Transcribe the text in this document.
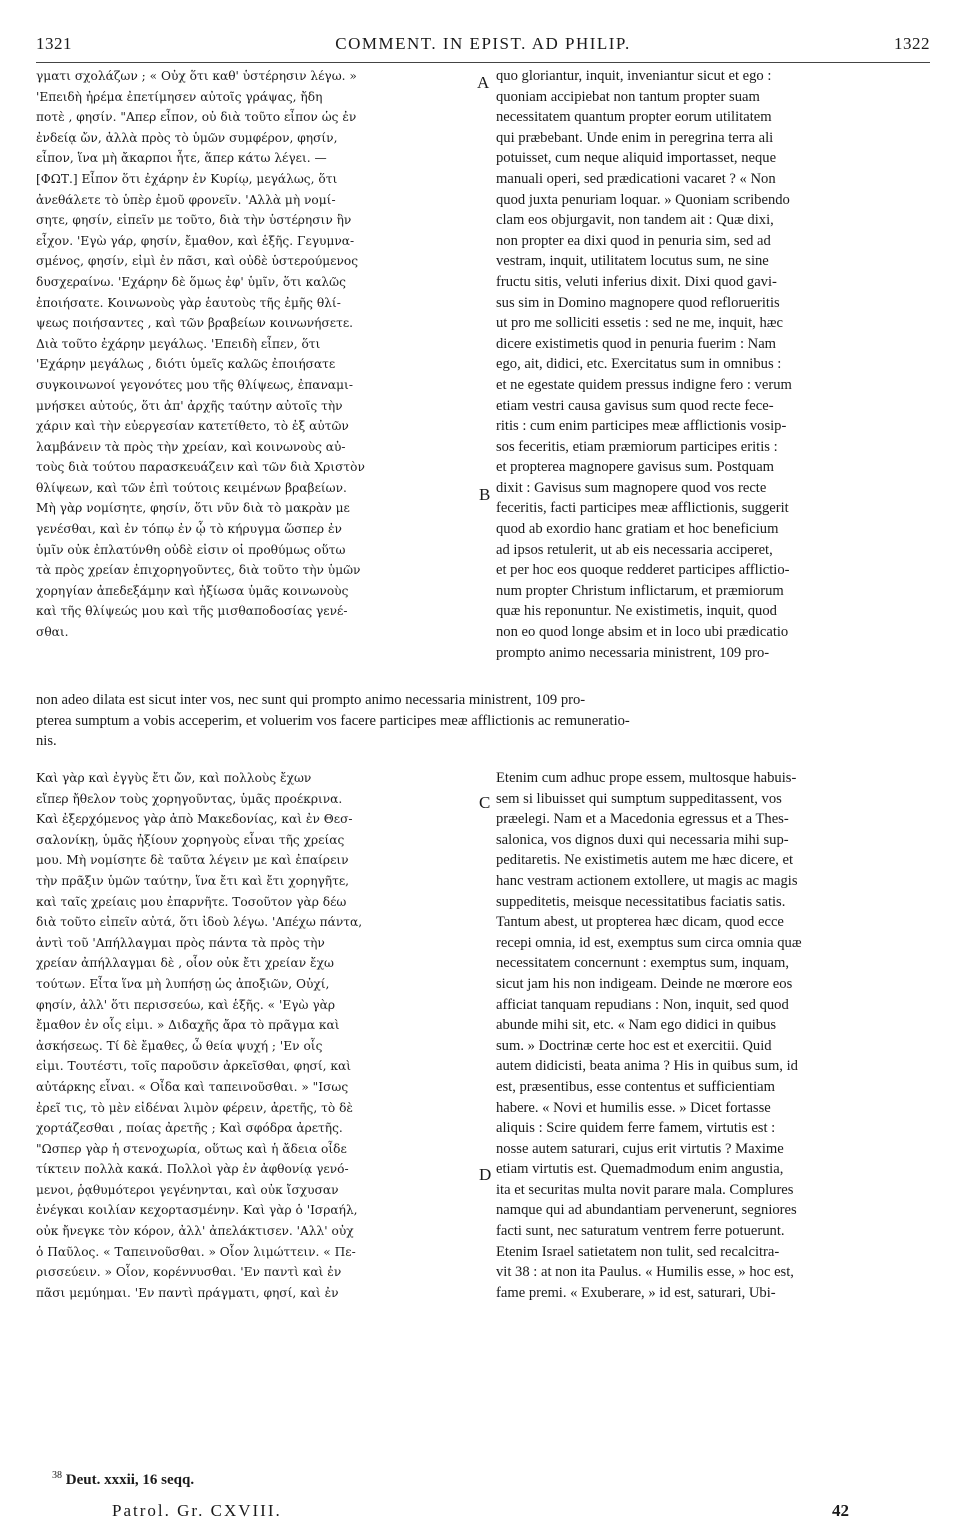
1321	COMMENT. IN EPIST. AD PHILIP.	1322
A
B
C
D
γματι σχολάζων ; « Οὐχ ὅτι καθ' ὑστέρησιν λέγω. »
'Επειδὴ ἠρέμα ἐπετίμησεν αὐτοῖς γράψας, ἤδη
ποτὲ , φησίν. "Απερ εἶπον, οὐ διὰ τοῦτο εἶπον ὡς ἐν
ἐνδείᾳ ὤν, ἀλλὰ πρὸς τὸ ὑμῶν συμφέρον, φησίν,
εἶπον, ἵνα μὴ ἄκαρποι ἦτε, ἅπερ κάτω λέγει. —
[ΦΩΤ.] Εἶπον ὅτι ἐχάρην ἐν Κυρίῳ, μεγάλως, ὅτι
ἀνεθάλετε τὸ ὑπὲρ ἐμοῦ φρονεῖν. 'Αλλὰ μὴ νομί-
σητε, φησίν, εἰπεῖν με τοῦτο, διὰ τὴν ὑστέρησιν ἣν
εἶχον. 'Εγὼ γάρ, φησίν, ἔμαθον, καὶ ἑξῆς. Γεγυμνα-
σμένος, φησίν, εἰμὶ ἐν πᾶσι, καὶ οὐδὲ ὑστερούμενος
δυσχεραίνω. 'Εχάρην δὲ ὅμως ἐφ' ὑμῖν, ὅτι καλῶς
ἐποιήσατε. Κοινωνοὺς γὰρ ἑαυτοὺς τῆς ἐμῆς θλί-
ψεως ποιήσαντες , καὶ τῶν βραβείων κοινωνήσετε.
Διὰ τοῦτο ἐχάρην μεγάλως. 'Επειδὴ εἶπεν, ὅτι
'Εχάρην μεγάλως , διότι ὑμεῖς καλῶς ἐποιήσατε
συγκοινωνοί γεγονότες μου τῆς θλίψεως, ἐπαναμι-
μνήσκει αὐτούς, ὅτι ἀπ' ἀρχῆς ταύτην αὐτοῖς τὴν
χάριν καὶ τὴν εὐεργεσίαν κατετίθετο, τὸ ἐξ αὐτῶν
λαμβάνειν τὰ πρὸς τὴν χρείαν, καὶ κοινωνοὺς αὐ-
τοὺς διὰ τούτου παρασκευάζειν καὶ τῶν διὰ Χριστὸν
θλίψεων, καὶ τῶν ἐπὶ τούτοις κειμένων βραβείων.
Μὴ γὰρ νομίσητε, φησίν, ὅτι νῦν διὰ τὸ μακρὰν με
γενέσθαι, καὶ ἐν τόπῳ ἐν ᾧ τὸ κήρυγμα ὥσπερ ἐν
ὑμῖν οὐκ ἐπλατύνθη οὐδὲ εἰσιν οἱ προθύμως οὕτω
τὰ πρὸς χρείαν ἐπιχορηγοῦντες, διὰ τοῦτο τὴν ὑμῶν
χορηγίαν ἀπεδεξάμην καὶ ἠξίωσα ὑμᾶς κοινωνοὺς
καὶ τῆς θλίψεώς μου καὶ τῆς μισθαποδοσίας γενέ-
σθαι.
quo gloriantur, inquit, inveniantur sicut et ego :
quoniam accipiebat non tantum propter suam
necessitatem quantum propter eorum utilitatem
qui præbebant. Unde enim in peregrina terra ali
potuisset, cum neque aliquid importasset, neque
manuali operi, sed prædicationi vacaret ? « Non
quod juxta penuriam loquar. » Quoniam scribendo
clam eos objurgavit, non tandem ait : Quæ dixi,
non propter ea dixi quod in penuria sim, sed ad
vestram, inquit, utilitatem locutus sum, ne sine
fructu sitis, veluti inferius dixit. Dixi quod gavi-
sus sim in Domino magnopere quod reflorueritis
ut pro me solliciti essetis : sed ne me, inquit, hæc
dicere existimetis quod in penuria fuerim : Nam
ego, ait, didici, etc. Exercitatus sum in omnibus :
et ne egestate quidem pressus indigne fero : verum
etiam vestri causa gavisus sum quod recte fece-
ritis : cum enim participes meæ afflictionis vosip-
sos feceritis, etiam præmiorum participes eritis :
et propterea magnopere gavisus sum. Postquam
dixit : Gavisus sum magnopere quod vos recte
feceritis, facti participes meæ afflictionis, suggerit
quod ab exordio hanc gratiam et hoc beneficium
ad ipsos retulerit, ut ab eis necessaria acciperet,
et per hoc eos quoque redderet participes afflictio-
num propter Christum inflictarum, et præmiorum
quæ his reponuntur. Ne existimetis, inquit, quod
non eo quod longe absim et in loco ubi prædicatio
prompto animo necessaria ministrent, 109 pro-
non adeo dilata est sicut inter vos, nec sunt qui prompto animo necessaria ministrent, 109 pro-
pterea sumptum a vobis acceperim, et voluerim vos facere participes meæ afflictionis ac remuneratio-
nis.
Καὶ γὰρ καὶ ἐγγὺς ἔτι ὤν, καὶ πολλοὺς ἔχων
εἴπερ ἤθελον τοὺς χορηγοῦντας, ὑμᾶς προέκρινα.
Καὶ ἐξερχόμενος γὰρ ἀπὸ Μακεδονίας, καὶ ἐν Θεσ-
σαλονίκῃ, ὑμᾶς ἠξίουν χορηγοὺς εἶναι τῆς χρείας
μου. Μὴ νομίσητε δὲ ταῦτα λέγειν με καὶ ἐπαίρειν
τὴν πρᾶξιν ὑμῶν ταύτην, ἵνα ἔτι καὶ ἔτι χορηγῆτε,
καὶ ταῖς χρείαις μου ἐπαρνῆτε. Τοσοῦτον γὰρ δέω
διὰ τοῦτο εἰπεῖν αὐτά, ὅτι ἰδοὺ λέγω. 'Απέχω πάντα,
ἀντὶ τοῦ 'Απήλλαγμαι πρὸς πάντα τὰ πρὸς τὴν
χρείαν ἀπήλλαγμαι δὲ , οἷον οὐκ ἔτι χρείαν ἔχω
τούτων. Εἶτα ἵνα μὴ λυπήσῃ ὡς ἀποξιῶν, Οὐχί,
φησίν, ἀλλ' ὅτι περισσεύω, καὶ ἑξῆς. « 'Εγὼ γὰρ
ἔμαθον ἐν οἷς εἰμι. » Διδαχῆς ἄρα τὸ πρᾶγμα καὶ
ἀσκήσεως. Τί δὲ ἔμαθες, ὦ θεία ψυχή ; 'Εν οἷς
εἰμι. Τουτέστι, τοῖς παροῦσιν ἀρκεῖσθαι, φησί, καὶ
αὐτάρκης εἶναι. « Οἶδα καὶ ταπεινοῦσθαι. » "Ισως
ἐρεῖ τις, τὸ μὲν εἰδέναι λιμὸν φέρειν, ἀρετῆς, τὸ δὲ
χορτάζεσθαι , ποίας ἀρετῆς ; Καὶ σφόδρα ἀρετῆς.
"Ωσπερ γὰρ ἡ στενοχωρία, οὕτως καὶ ἡ ἄδεια οἶδε
τίκτειν πολλὰ κακά. Πολλοὶ γὰρ ἐν ἀφθονίᾳ γενό-
μενοι, ῥᾳθυμότεροι γεγένηνται, καὶ οὐκ ἴσχυσαν
ἐνέγκαι κοιλίαν κεχορτασμένην. Καὶ γὰρ ὁ 'Ισραήλ,
οὐκ ἤνεγκε τὸν κόρον, ἀλλ' ἀπελάκτισεν. 'Αλλ' οὐχ
ὁ Παῦλος. « Ταπεινοῦσθαι. » Οἷον λιμώττειν. « Πε-
ρισσεύειν. » Οἷον, κορέννυσθαι. 'Εν παντὶ καὶ ἐν
πᾶσι μεμύημαι. 'Εν παντὶ πράγματι, φησί, καὶ ἐν
Etenim cum adhuc prope essem, multosque habuis-
sem si libuisset qui sumptum suppeditassent, vos
præelegi. Nam et a Macedonia egressus et a Thes-
salonica, vos dignos duxi qui necessaria mihi sup-
peditaretis. Ne existimetis autem me hæc dicere, et
hanc vestram actionem extollere, ut magis ac magis
suppeditetis, meisque necessitatibus faciatis satis.
Tantum abest, ut propterea hæc dicam, quod ecce
recepi omnia, id est, exemptus sum circa omnia quæ
necessitatem concernunt : exemptus sum, inquam,
sicut jam his non indigeam. Deinde ne mœrore eos
afficiat tanquam repudians : Non, inquit, sed quod
abunde mihi sit, etc. « Nam ego didici in quibus
sum. » Doctrinæ certe hoc est et exercitii. Quid
autem didicisti, beata anima ? His in quibus sum, id
est, præsentibus, esse contentus et sufficientiam
habere. « Novi et humilis esse. » Dicet fortasse
aliquis : Scire quidem ferre famem, virtutis est :
nosse autem saturari, cujus erit virtutis ? Maxime
etiam virtutis est. Quemadmodum enim angustia,
ita et securitas multa novit parare mala. Complures
namque qui ad abundantiam pervenerunt, segniores
facti sunt, nec saturatum ventrem ferre potuerunt.
Etenim Israel satietatem non tulit, sed recalcitra-
vit 38 : at non ita Paulus. « Humilis esse, » hoc est,
fame premi. « Exuberare, » id est, saturari, Ubi-
$^{38}$ Deut. xxxii, 16 seqq.
Patrol. Gr. CXVIII.	42
